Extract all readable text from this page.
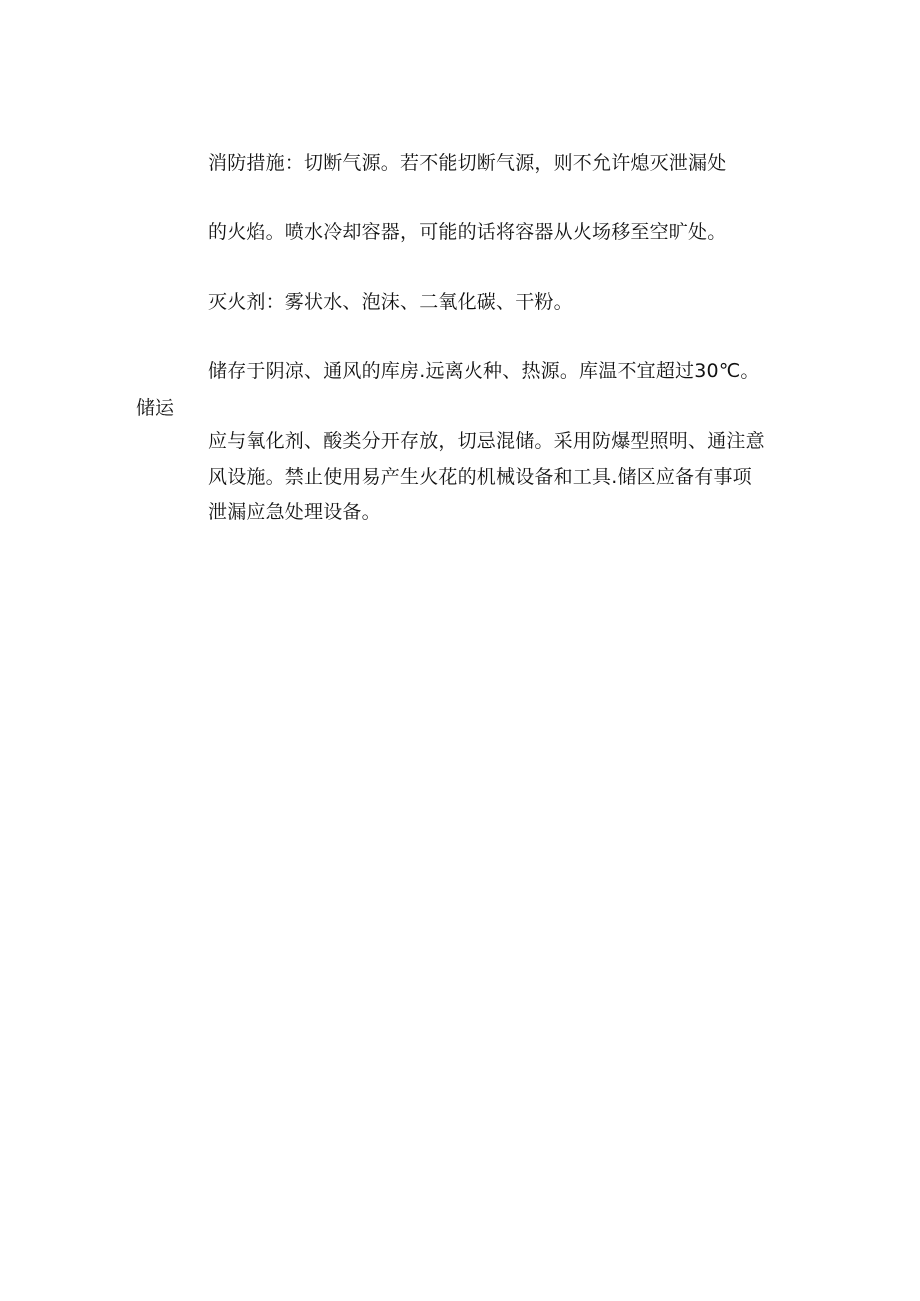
消防措施：切断气源。若不能切断气源，则不允许熄灭泄漏处
的火焰。喷水冷却容器，可能的话将容器从火场移至空旷处。
灭火剂：雾状水、泡沫、二氧化碳、干粉。
储存于阴凉、通风的库房.远离火种、热源。库温不宜超过30℃。
储运
应与氧化剂、酸类分开存放，切忌混储。采用防爆型照明、通注意
风设施。禁止使用易产生火花的机械设备和工具.储区应备有事项
泄漏应急处理设备。
